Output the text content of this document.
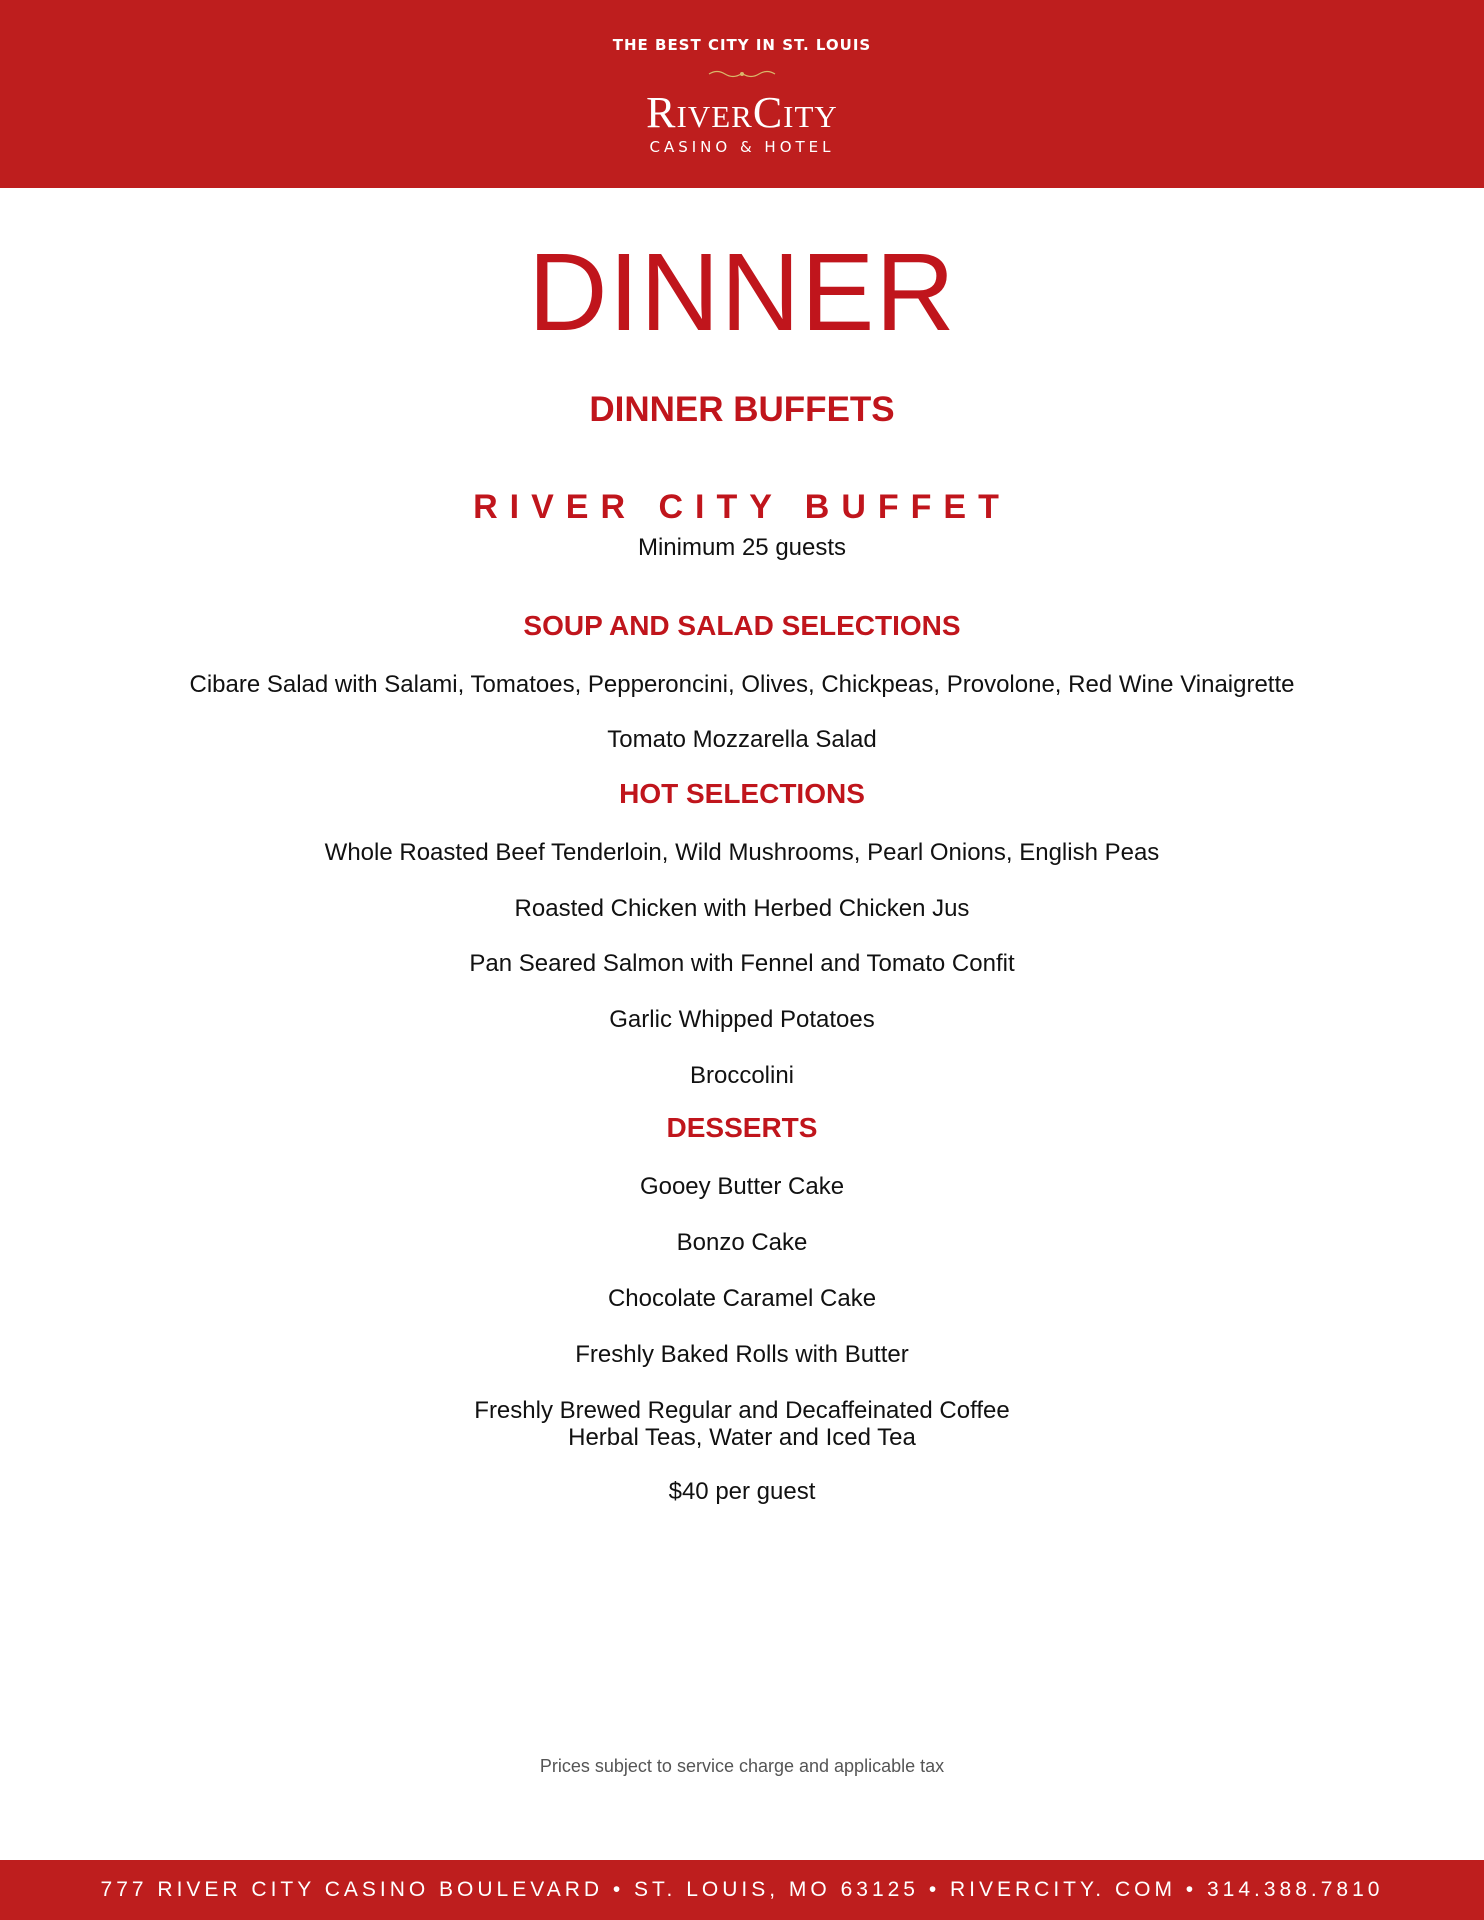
THE BEST CITY IN ST. LOUIS
RiverCity
CASINO & HOTEL
DINNER
DINNER BUFFETS
RIVER CITY BUFFET
Minimum 25 guests
SOUP AND SALAD SELECTIONS
Cibare Salad with Salami, Tomatoes, Pepperoncini, Olives, Chickpeas, Provolone, Red Wine Vinaigrette
Tomato Mozzarella Salad
HOT SELECTIONS
Whole Roasted Beef Tenderloin, Wild Mushrooms, Pearl Onions, English Peas
Roasted Chicken with Herbed Chicken Jus
Pan Seared Salmon with Fennel and Tomato Confit
Garlic Whipped Potatoes
Broccolini
DESSERTS
Gooey Butter Cake
Bonzo Cake
Chocolate Caramel Cake
Freshly Baked Rolls with Butter
Freshly Brewed Regular and Decaffeinated Coffee
Herbal Teas, Water and Iced Tea
$40 per guest
Prices subject to service charge and applicable tax
777 RIVER CITY CASINO BOULEVARD • ST. LOUIS, MO 63125 • RIVERCITY. COM • 314.388.7810
